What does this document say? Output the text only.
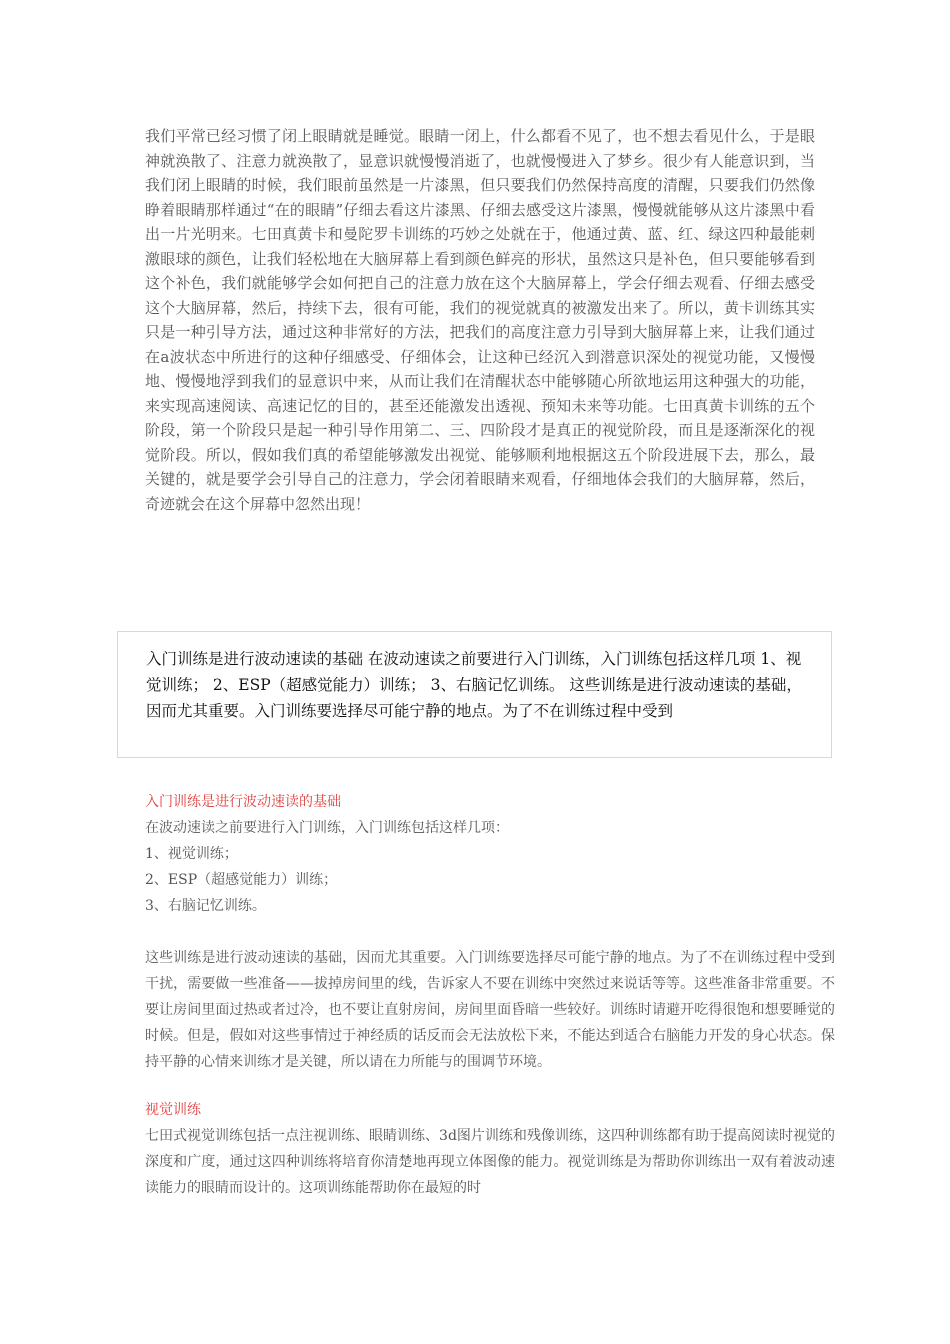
我们平常已经习惯了闭上眼睛就是睡觉。眼睛一闭上，什么都看不见了，也不想去看见什么，于是眼神就涣散了、注意力就涣散了，显意识就慢慢消逝了，也就慢慢进入了梦乡。很少有人能意识到，当我们闭上眼睛的时候，我们眼前虽然是一片漆黑，但只要我们仍然保持高度的清醒，只要我们仍然像睁着眼睛那样通过“在的眼睛”仔细去看这片漆黑、仔细去感受这片漆黑，慢慢就能够从这片漆黑中看出一片光明来。七田真黄卡和曼陀罗卡训练的巧妙之处就在于，他通过黄、蓝、红、绿这四种最能刺激眼球的颜色，让我们轻松地在大脑屏幕上看到颜色鲜亮的形状，虽然这只是补色，但只要能够看到这个补色，我们就能够学会如何把自己的注意力放在这个大脑屏幕上，学会仔细去观看、仔细去感受这个大脑屏幕，然后，持续下去，很有可能，我们的视觉就真的被激发出来了。所以，黄卡训练其实只是一种引导方法，通过这种非常好的方法，把我们的高度注意力引导到大脑屏幕上来，让我们通过在a波状态中所进行的这种仔细感受、仔细体会，让这种已经沉入到潜意识深处的视觉功能，又慢慢地、慢慢地浮到我们的显意识中来，从而让我们在清醒状态中能够随心所欲地运用这种强大的功能，来实现高速阅读、高速记忆的目的，甚至还能激发出透视、预知未来等功能。七田真黄卡训练的五个阶段，第一个阶段只是起一种引导作用第二、三、四阶段才是真正的视觉阶段，而且是逐渐深化的视觉阶段。所以，假如我们真的希望能够激发出视觉、能够顺利地根据这五个阶段进展下去，那么，最关键的，就是要学会引导自己的注意力，学会闭着眼睛来观看，仔细地体会我们的大脑屏幕，然后，奇迹就会在这个屏幕中忽然出现！

入门训练是进行波动速读的基础 在波动速读之前要进行入门训练，入门训练包括这样几项 1、视觉训练； 2、ESP（超感觉能力）训练； 3、右脑记忆训练。 这些训练是进行波动速读的基础，因而尤其重要。入门训练要选择尽可能宁静的地点。为了不在训练过程中受到

入门训练是进行波动速读的基础

在波动速读之前要进行入门训练，入门训练包括这样几项：

1、视觉训练；

2、ESP（超感觉能力）训练；

3、右脑记忆训练。

这些训练是进行波动速读的基础，因而尤其重要。入门训练要选择尽可能宁静的地点。为了不在训练过程中受到干扰，需要做一些准备——拔掉房间里的线，告诉家人不要在训练中突然过来说话等等。这些准备非常重要。不要让房间里面过热或者过冷，也不要让直射房间，房间里面昏暗一些较好。训练时请避开吃得很饱和想要睡觉的时候。但是，假如对这些事情过于神经质的话反而会无法放松下来，不能达到适合右脑能力开发的身心状态。保持平静的心情来训练才是关键，所以请在力所能与的围调节环境。

视觉训练

七田式视觉训练包括一点注视训练、眼睛训练、3d图片训练和残像训练，这四种训练都有助于提高阅读时视觉的深度和广度，通过这四种训练将培育你清楚地再现立体图像的能力。视觉训练是为帮助你训练出一双有着波动速读能力的眼睛而设计的。这项训练能帮助你在最短的时
